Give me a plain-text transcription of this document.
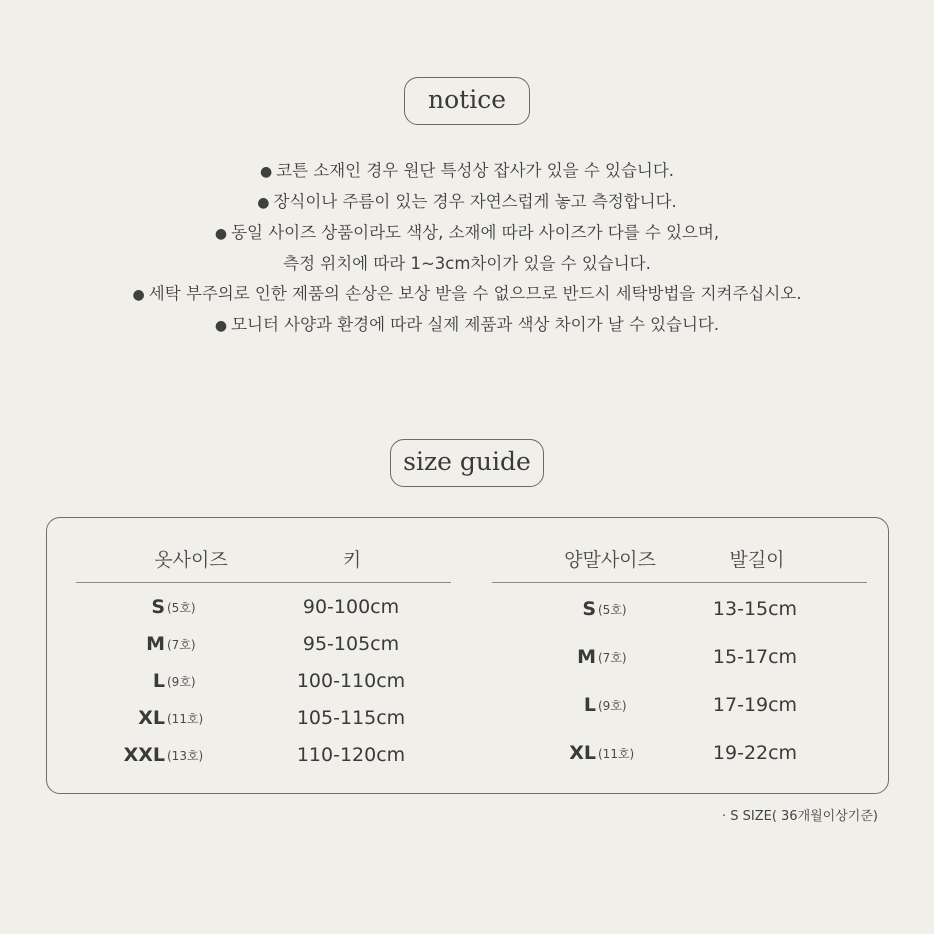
notice
● 코튼 소재인 경우 원단 특성상 잡사가 있을 수 있습니다.
● 장식이나 주름이 있는 경우 자연스럽게 놓고 측정합니다.
● 동일 사이즈 상품이라도 색상, 소재에 따라 사이즈가 다를 수 있으며,
측정 위치에 따라 1~3cm차이가 있을 수 있습니다.
● 세탁 부주의로 인한 제품의 손상은 보상 받을 수 없으므로 반드시 세탁방법을 지켜주십시오.
● 모니터 사양과 환경에 따라 실제 제품과 색상 차이가 날 수 있습니다.
size guide
옷사이즈	키
S (5호)	90-100cm
M (7호)	95-105cm
L (9호)	100-110cm
XL (11호)	105-115cm
XXL (13호)	110-120cm
양말사이즈	발길이
S (5호)	13-15cm
M (7호)	15-17cm
L (9호)	17-19cm
XL (11호)	19-22cm
· S SIZE( 36개월이상기준)
